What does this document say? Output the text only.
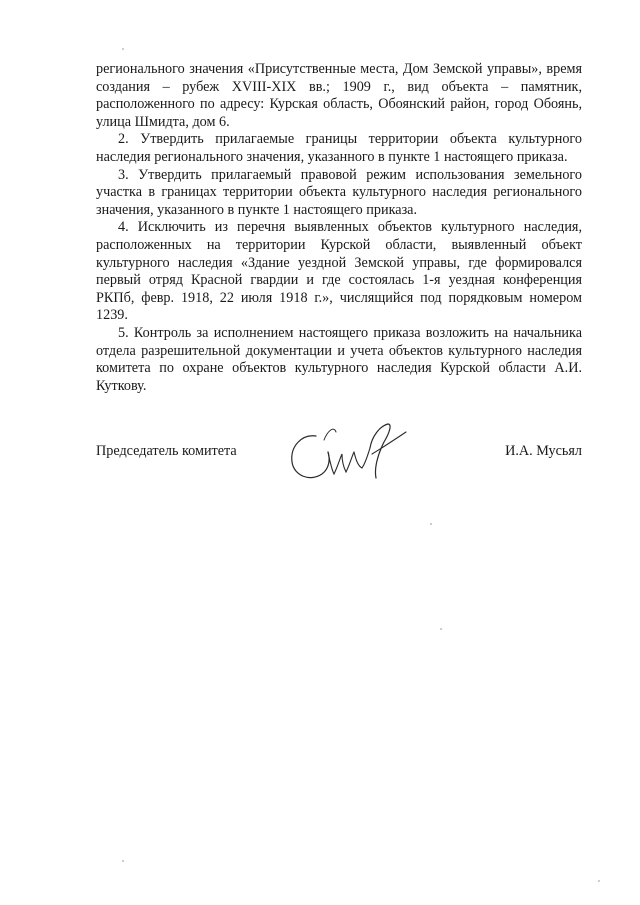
регионального значения «Присутственные места, Дом Земской управы», время создания – рубеж XVIII-XIX вв.; 1909 г., вид объекта – памятник, расположенного по адресу: Курская область, Обоянский район, город Обоянь, улица Шмидта, дом 6.

2. Утвердить прилагаемые границы территории объекта культурного наследия регионального значения, указанного в пункте 1 настоящего приказа.

3. Утвердить прилагаемый правовой режим использования земельного участка в границах территории объекта культурного наследия регионального значения, указанного в пункте 1 настоящего приказа.

4. Исключить из перечня выявленных объектов культурного наследия, расположенных на территории Курской области, выявленный объект культурного наследия «Здание уездной Земской управы, где формировался первый отряд Красной гвардии и где состоялась 1-я уездная конференция РКПб, февр. 1918, 22 июля 1918 г.», числящийся под порядковым номером 1239.

5. Контроль за исполнением настоящего приказа возложить на начальника отдела разрешительной документации и учета объектов культурного наследия комитета по охране объектов культурного наследия Курской области А.И. Куткову.

Председатель комитета	И.А. Мусьял
